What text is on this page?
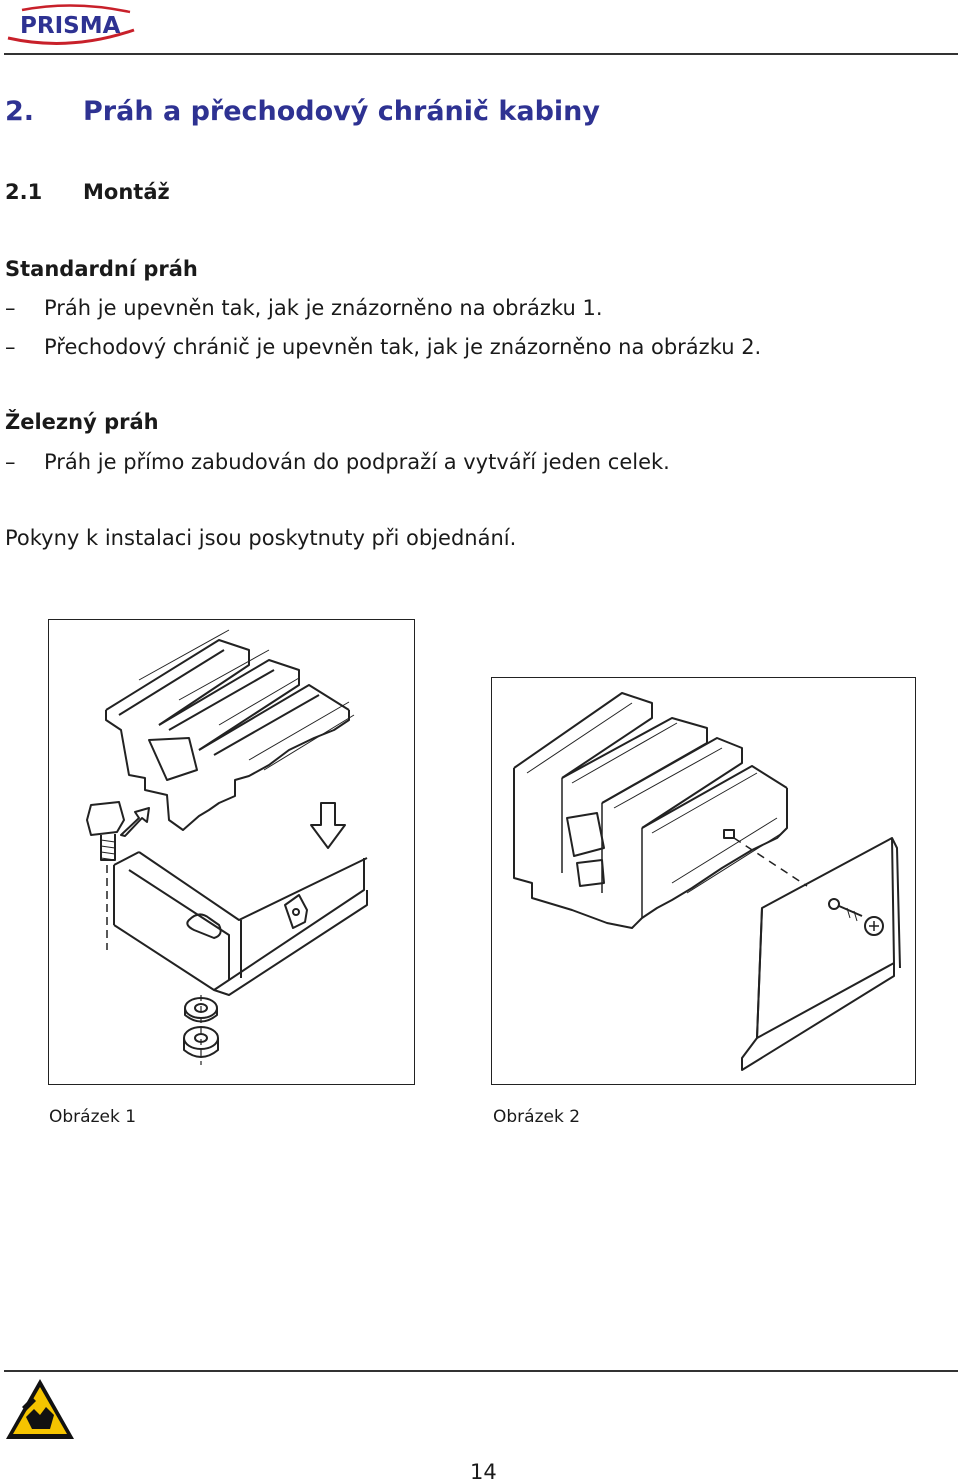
PRISMA
2. Práh a přechodový chránič kabiny
2.1 Montáž
Standardní práh
– Práh je upevněn tak, jak je znázorněno na obrázku 1.
– Přechodový chránič je upevněn tak, jak je znázorněno na obrázku 2.
Železný práh
– Práh je přímo zabudován do podpraží a vytváří jeden celek.
Pokyny k instalaci jsou poskytnuty při objednání.
Obrázek 1	Obrázek 2
14
